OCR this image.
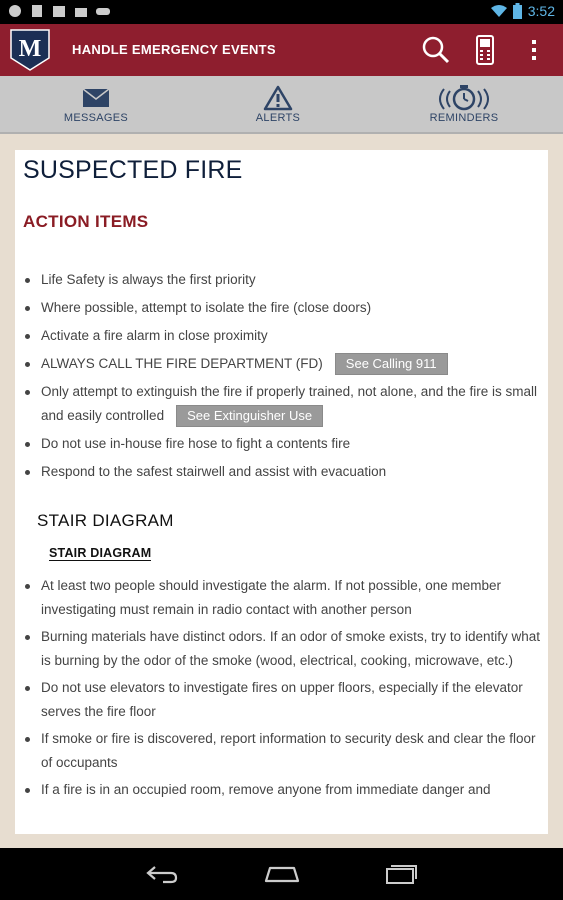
3:52
M HANDLE EMERGENCY EVENTS
MESSAGES	ALERTS	REMINDERS
SUSPECTED FIRE
ACTION ITEMS
Life Safety is always the first priority
Where possible, attempt to isolate the fire (close doors)
Activate a fire alarm in close proximity
ALWAYS CALL THE FIRE DEPARTMENT (FD) See Calling 911
Only attempt to extinguish the fire if properly trained, not alone, and the fire is small and easily controlled See Extinguisher Use
Do not use in-house fire hose to fight a contents fire
Respond to the safest stairwell and assist with evacuation
STAIR DIAGRAM
STAIR DIAGRAM
At least two people should investigate the alarm. If not possible, one member investigating must remain in radio contact with another person
Burning materials have distinct odors. If an odor of smoke exists, try to identify what is burning by the odor of the smoke (wood, electrical, cooking, microwave, etc.)
Do not use elevators to investigate fires on upper floors, especially if the elevator serves the fire floor
If smoke or fire is discovered, report information to security desk and clear the floor of occupants
If a fire is in an occupied room, remove anyone from immediate danger and
